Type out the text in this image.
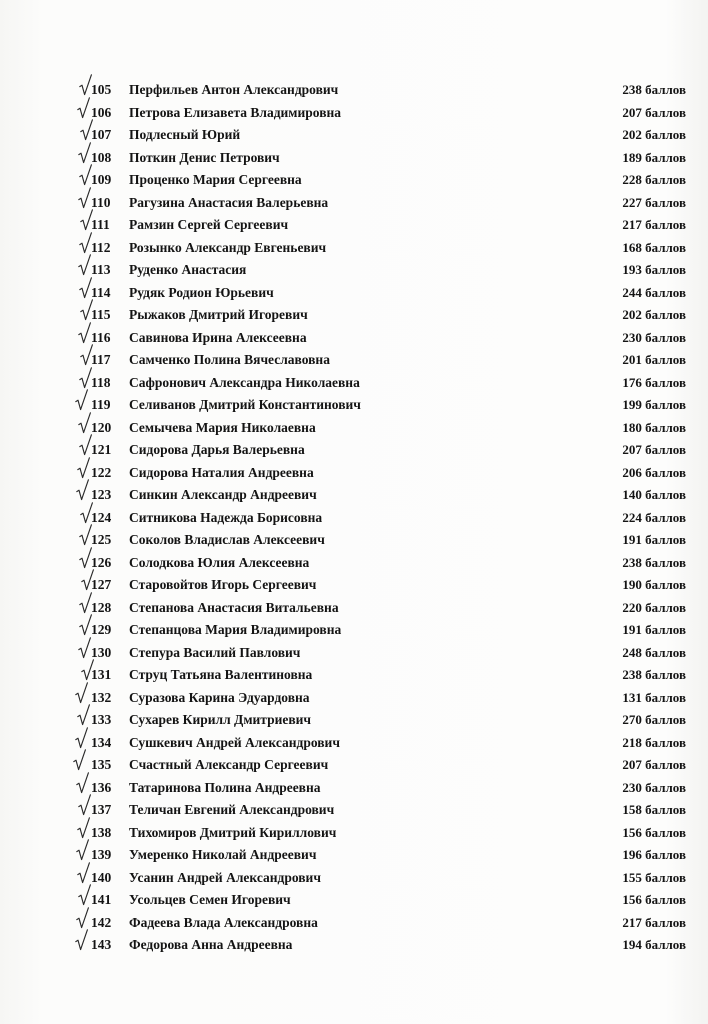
105	Перфильев Антон Александрович	238 баллов
106	Петрова Елизавета Владимировна	207 баллов
107	Подлесный Юрий	202 баллов
108	Поткин Денис Петрович	189 баллов
109	Проценко Мария Сергеевна	228 баллов
110	Рагузина Анастасия Валерьевна	227 баллов
111	Рамзин Сергей Сергеевич	217 баллов
112	Розынко Александр Евгеньевич	168 баллов
113	Руденко Анастасия	193 баллов
114	Рудяк Родион Юрьевич	244 баллов
115	Рыжаков Дмитрий Игоревич	202 баллов
116	Савинова Ирина Алексеевна	230 баллов
117	Самченко Полина Вячеславовна	201 баллов
118	Сафронович Александра Николаевна	176 баллов
119	Селиванов Дмитрий Константинович	199 баллов
120	Семычева Мария Николаевна	180 баллов
121	Сидорова Дарья Валерьевна	207 баллов
122	Сидорова Наталия Андреевна	206 баллов
123	Синкин Александр Андреевич	140 баллов
124	Ситникова Надежда Борисовна	224 баллов
125	Соколов Владислав Алексеевич	191 баллов
126	Солодкова Юлия Алексеевна	238 баллов
127	Старовойтов Игорь Сергеевич	190 баллов
128	Степанова Анастасия Витальевна	220 баллов
129	Степанцова Мария Владимировна	191 баллов
130	Степура Василий Павлович	248 баллов
131	Струц Татьяна Валентиновна	238 баллов
132	Суразова Карина Эдуардовна	131 баллов
133	Сухарев Кирилл Дмитриевич	270 баллов
134	Сушкевич Андрей Александрович	218 баллов
135	Счастный Александр Сергеевич	207 баллов
136	Татаринова Полина Андреевна	230 баллов
137	Теличан Евгений Александрович	158 баллов
138	Тихомиров Дмитрий Кириллович	156 баллов
139	Умеренко Николай Андреевич	196 баллов
140	Усанин Андрей Александрович	155 баллов
141	Усольцев Семен Игоревич	156 баллов
142	Фадеева Влада Александровна	217 баллов
143	Федорова Анна Андреевна	194 баллов
